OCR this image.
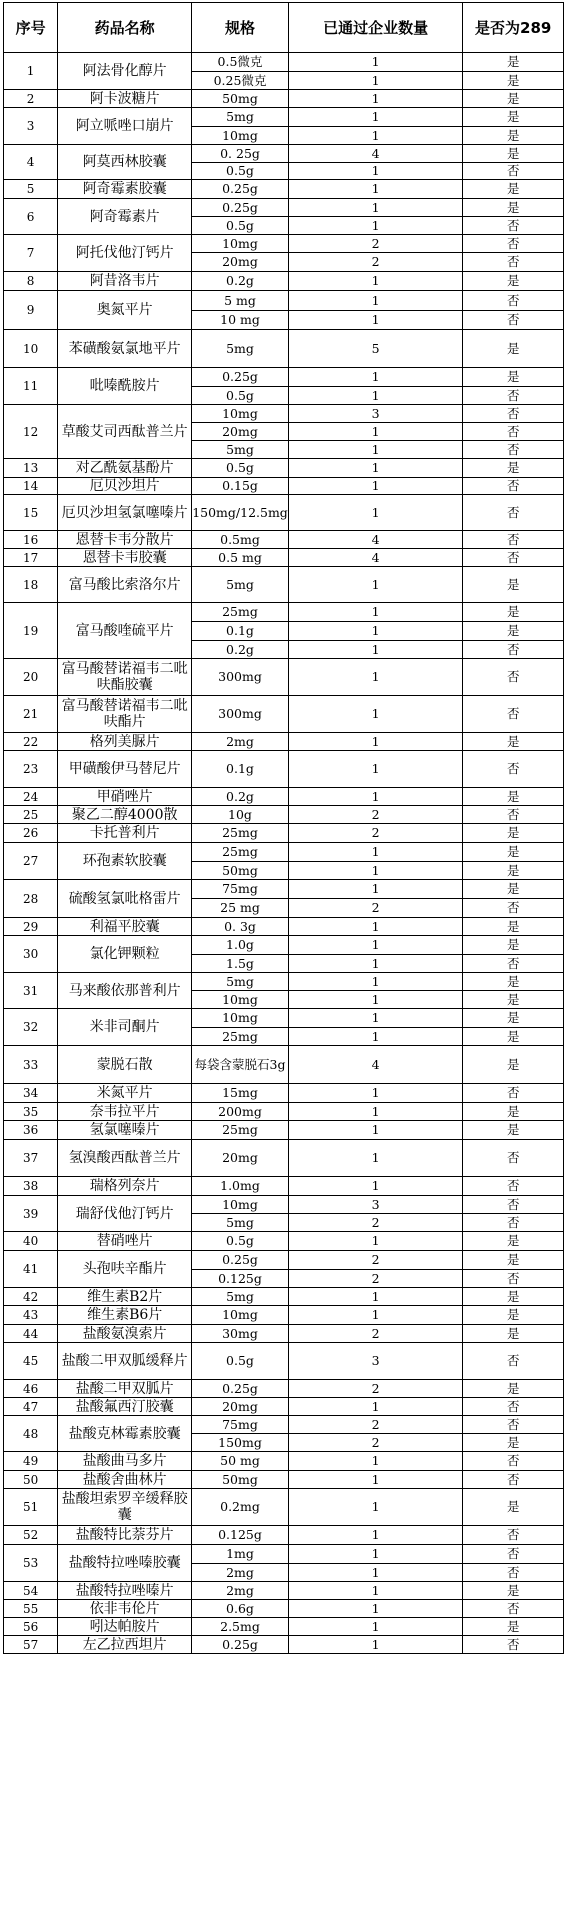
序号	药品名称	规格	已通过企业数量	是否为289
1	阿法骨化醇片	0.5微克	1	是
		0.25微克	1	是
2	阿卡波糖片	50mg	1	是
3	阿立哌唑口崩片	5mg	1	是
		10mg	1	是
4	阿莫西林胶囊	0. 25g	4	是
		0.5g	1	否
5	阿奇霉素胶囊	0.25g	1	是
6	阿奇霉素片	0.25g	1	是
		0.5g	1	否
7	阿托伐他汀钙片	10mg	2	否
		20mg	2	否
8	阿昔洛韦片	0.2g	1	是
9	奥氮平片	5 mg	1	否
		10 mg	1	否
10	苯磺酸氨氯地平片	5mg	5	是
11	吡嗪酰胺片	0.25g	1	是
		0.5g	1	否
12	草酸艾司西酞普兰片	10mg	3	否
		20mg	1	否
		5mg	1	否
13	对乙酰氨基酚片	0.5g	1	是
14	厄贝沙坦片	0.15g	1	否
15	厄贝沙坦氢氯噻嗪片	150mg/12.5mg	1	否
16	恩替卡韦分散片	0.5mg	4	否
17	恩替卡韦胶囊	0.5 mg	4	否
18	富马酸比索洛尔片	5mg	1	是
19	富马酸喹硫平片	25mg	1	是
		0.1g	1	是
		0.2g	1	否
20	富马酸替诺福韦二吡呋酯胶囊	300mg	1	否
21	富马酸替诺福韦二吡呋酯片	300mg	1	否
22	格列美脲片	2mg	1	是
23	甲磺酸伊马替尼片	0.1g	1	否
24	甲硝唑片	0.2g	1	是
25	聚乙二醇4000散	10g	2	否
26	卡托普利片	25mg	2	是
27	环孢素软胶囊	25mg	1	是
		50mg	1	是
28	硫酸氢氯吡格雷片	75mg	1	是
		25 mg	2	否
29	利福平胶囊	0. 3g	1	是
30	氯化钾颗粒	1.0g	1	是
		1.5g	1	否
31	马来酸依那普利片	5mg	1	是
		10mg	1	是
32	米非司酮片	10mg	1	是
		25mg	1	是
33	蒙脱石散	每袋含蒙脱石3g	4	是
34	米氮平片	15mg	1	否
35	奈韦拉平片	200mg	1	是
36	氢氯噻嗪片	25mg	1	是
37	氢溴酸西酞普兰片	20mg	1	否
38	瑞格列奈片	1.0mg	1	否
39	瑞舒伐他汀钙片	10mg	3	否
		5mg	2	否
40	替硝唑片	0.5g	1	是
41	头孢呋辛酯片	0.25g	2	是
		0.125g	2	否
42	维生素B2片	5mg	1	是
43	维生素B6片	10mg	1	是
44	盐酸氨溴索片	30mg	2	是
45	盐酸二甲双胍缓释片	0.5g	3	否
46	盐酸二甲双胍片	0.25g	2	是
47	盐酸氟西汀胶囊	20mg	1	否
48	盐酸克林霉素胶囊	75mg	2	否
		150mg	2	是
49	盐酸曲马多片	50 mg	1	否
50	盐酸舍曲林片	50mg	1	否
51	盐酸坦索罗辛缓释胶囊	0.2mg	1	是
52	盐酸特比萘芬片	0.125g	1	否
53	盐酸特拉唑嗪胶囊	1mg	1	否
		2mg	1	否
54	盐酸特拉唑嗪片	2mg	1	是
55	依非韦伦片	0.6g	1	否
56	吲达帕胺片	2.5mg	1	是
57	左乙拉西坦片	0.25g	1	否
